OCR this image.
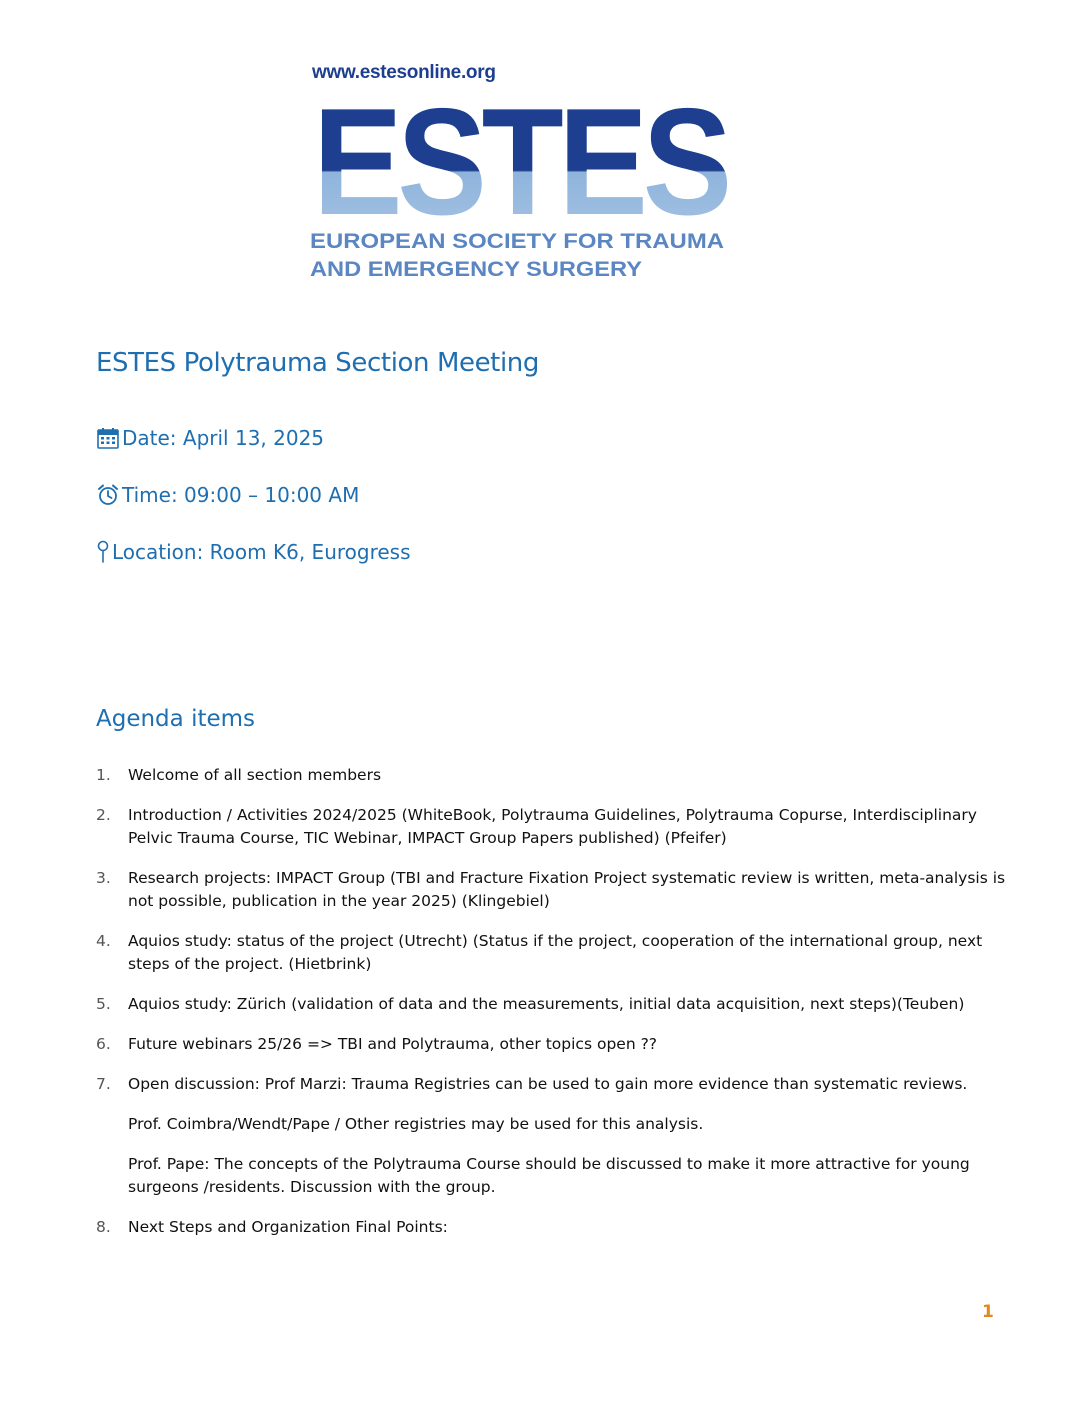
www.estesonline.org
ESTES
EUROPEAN SOCIETY FOR TRAUMA
AND EMERGENCY SURGERY
ESTES Polytrauma Section Meeting
Date: April 13, 2025
Time: 09:00 – 10:00 AM
Location: Room K6, Eurogress
Agenda items
1. Welcome of all section members
2. Introduction / Activities 2024/2025 (WhiteBook, Polytrauma Guidelines, Polytrauma Copurse, Interdisciplinary Pelvic Trauma Course, TIC Webinar, IMPACT Group Papers published) (Pfeifer)
3. Research projects: IMPACT Group (TBI and Fracture Fixation Project systematic review is written, meta-analysis is not possible, publication in the year 2025) (Klingebiel)
4. Aquios study: status of the project (Utrecht) (Status if the project, cooperation of the international group, next steps of the project. (Hietbrink)
5. Aquios study: Zürich (validation of data and the measurements, initial data acquisition, next steps)(Teuben)
6. Future webinars 25/26 => TBI and Polytrauma, other topics open ??
7. Open discussion: Prof Marzi: Trauma Registries can be used to gain more evidence than systematic reviews.
Prof. Coimbra/Wendt/Pape / Other registries may be used for this analysis.
Prof. Pape: The concepts of the Polytrauma Course should be discussed to make it more attractive for young surgeons /residents. Discussion with the group.
8. Next Steps and Organization Final Points:
1
